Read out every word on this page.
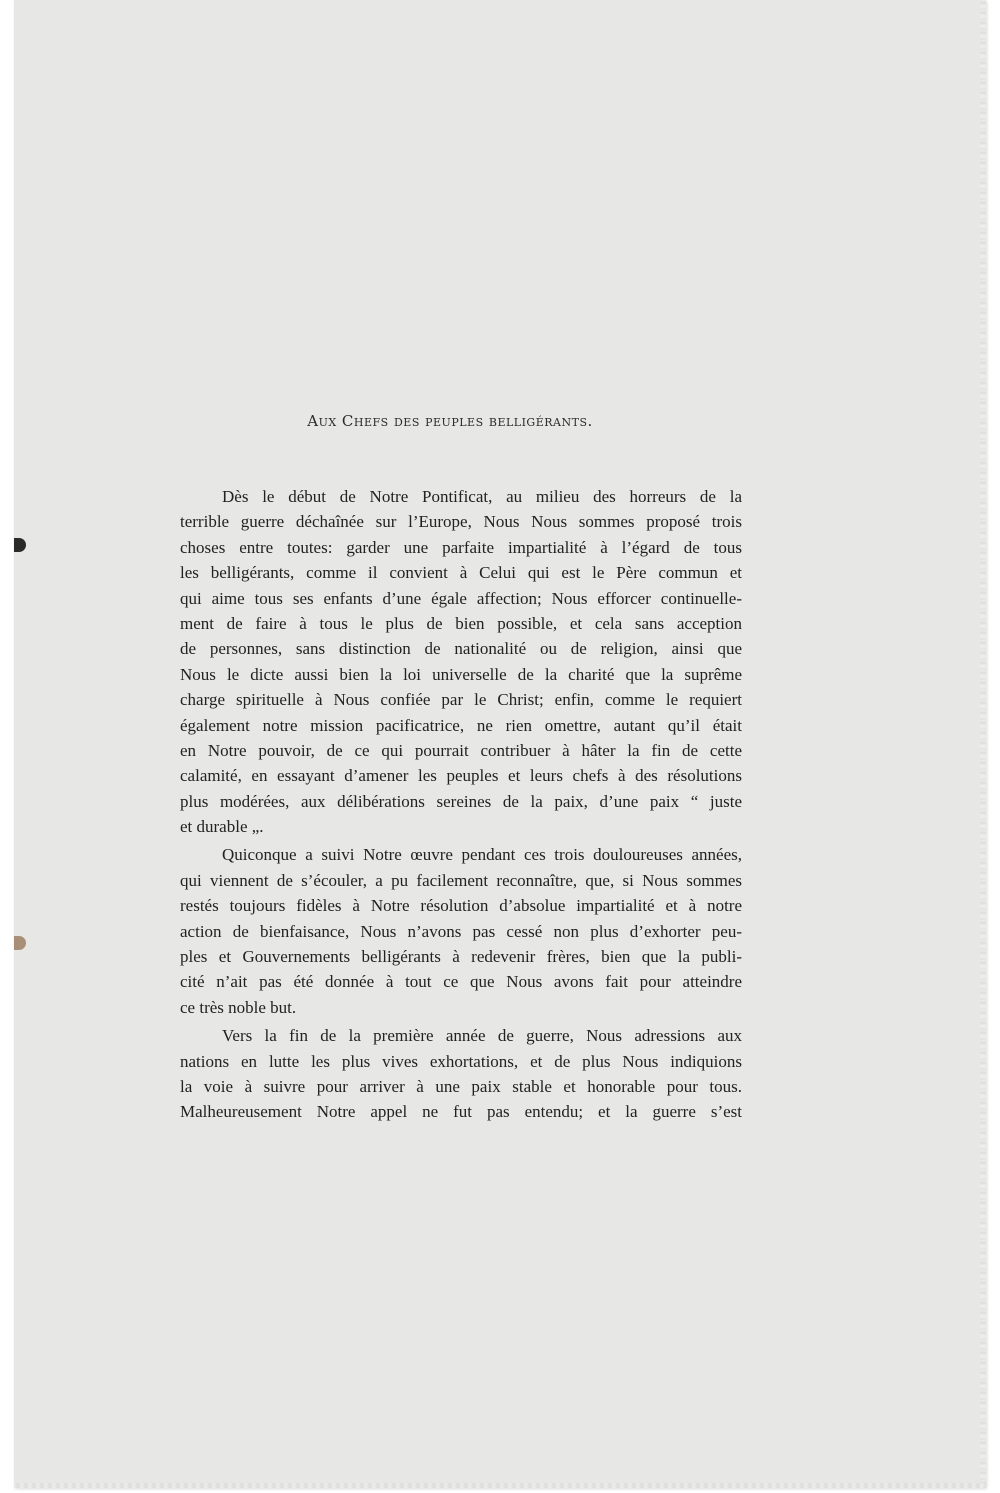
Aux Chefs des peuples belligérants.
Dès le début de Notre Pontificat, au milieu des horreurs de la
terrible guerre déchaînée sur l’Europe, Nous Nous sommes proposé trois
choses entre toutes: garder une parfaite impartialité à l’égard de tous
les belligérants, comme il convient à Celui qui est le Père commun et
qui aime tous ses enfants d’une égale affection; Nous efforcer continuelle-
ment de faire à tous le plus de bien possible, et cela sans acception
de personnes, sans distinction de nationalité ou de religion, ainsi que
Nous le dicte aussi bien la loi universelle de la charité que la suprême
charge spirituelle à Nous confiée par le Christ; enfin, comme le requiert
également notre mission pacificatrice, ne rien omettre, autant qu’il était
en Notre pouvoir, de ce qui pourrait contribuer à hâter la fin de cette
calamité, en essayant d’amener les peuples et leurs chefs à des résolutions
plus modérées, aux délibérations sereines de la paix, d’une paix “ juste
et durable „.
Quiconque a suivi Notre œuvre pendant ces trois douloureuses années,
qui viennent de s’écouler, a pu facilement reconnaître, que, si Nous sommes
restés toujours fidèles à Notre résolution d’absolue impartialité et à notre
action de bienfaisance, Nous n’avons pas cessé non plus d’exhorter peu-
ples et Gouvernements belligérants à redevenir frères, bien que la publi-
cité n’ait pas été donnée à tout ce que Nous avons fait pour atteindre
ce très noble but.
Vers la fin de la première année de guerre, Nous adressions aux
nations en lutte les plus vives exhortations, et de plus Nous indiquions
la voie à suivre pour arriver à une paix stable et honorable pour tous.
Malheureusement Notre appel ne fut pas entendu; et la guerre s’est
